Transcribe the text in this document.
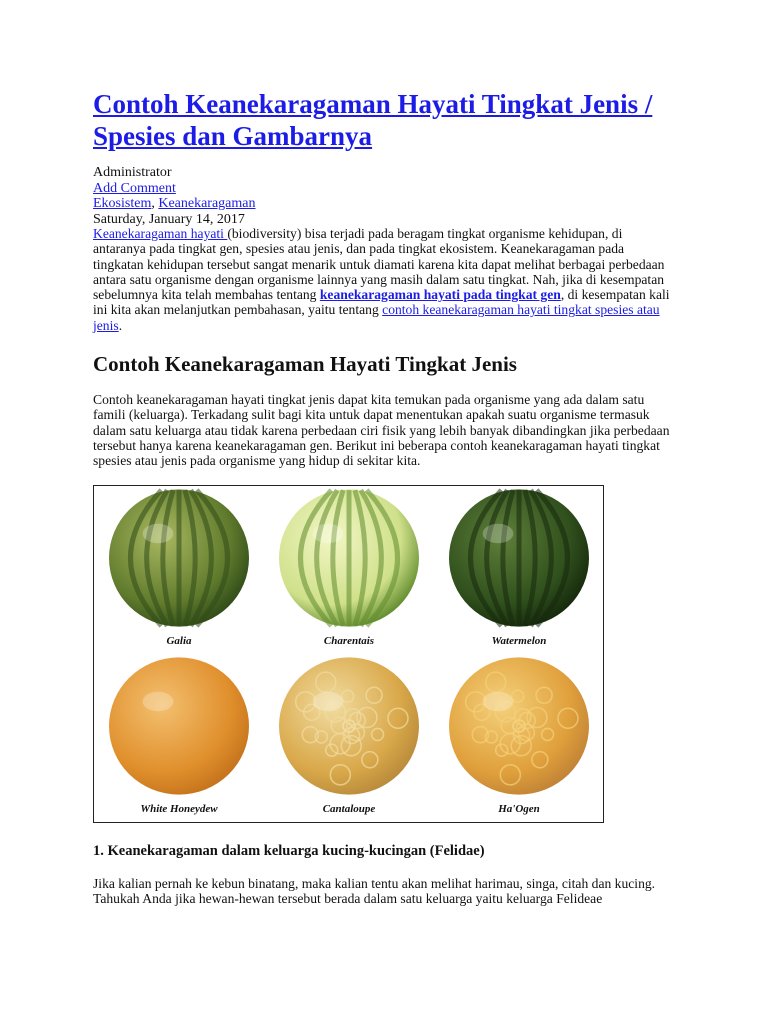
Contoh Keanekaragaman Hayati Tingkat Jenis / Spesies dan Gambarnya
Administrator
Add Comment
Ekosistem, Keanekaragaman
Saturday, January 14, 2017

Keanekaragaman hayati (biodiversity) bisa terjadi pada beragam tingkat organisme kehidupan, di antaranya pada tingkat gen, spesies atau jenis, dan pada tingkat ekosistem. Keanekaragaman pada tingkatan kehidupan tersebut sangat menarik untuk diamati karena kita dapat melihat berbagai perbedaan antara satu organisme dengan organisme lainnya yang masih dalam satu tingkat. Nah, jika di kesempatan sebelumnya kita telah membahas tentang keanekaragaman hayati pada tingkat gen, di kesempatan kali ini kita akan melanjutkan pembahasan, yaitu tentang contoh keanekaragaman hayati tingkat spesies atau jenis.

Contoh Keanekaragaman Hayati Tingkat Jenis

Contoh keanekaragaman hayati tingkat jenis dapat kita temukan pada organisme yang ada dalam satu famili (keluarga). Terkadang sulit bagi kita untuk dapat menentukan apakah suatu organisme termasuk dalam satu keluarga atau tidak karena perbedaan ciri fisik yang lebih banyak dibandingkan jika perbedaan tersebut hanya karena keanekaragaman gen. Berikut ini beberapa contoh keanekaragaman hayati tingkat spesies atau jenis pada organisme yang hidup di sekitar kita.

Galia	Charentais	Watermelon
White Honeydew	Cantaloupe	Ha'Ogen
1. Keanekaragaman dalam keluarga kucing-kucingan (Felidae)

Jika kalian pernah ke kebun binatang, maka kalian tentu akan melihat harimau, singa, citah dan kucing. Tahukah Anda jika hewan-hewan tersebut berada dalam satu keluarga yaitu keluarga Felideae
